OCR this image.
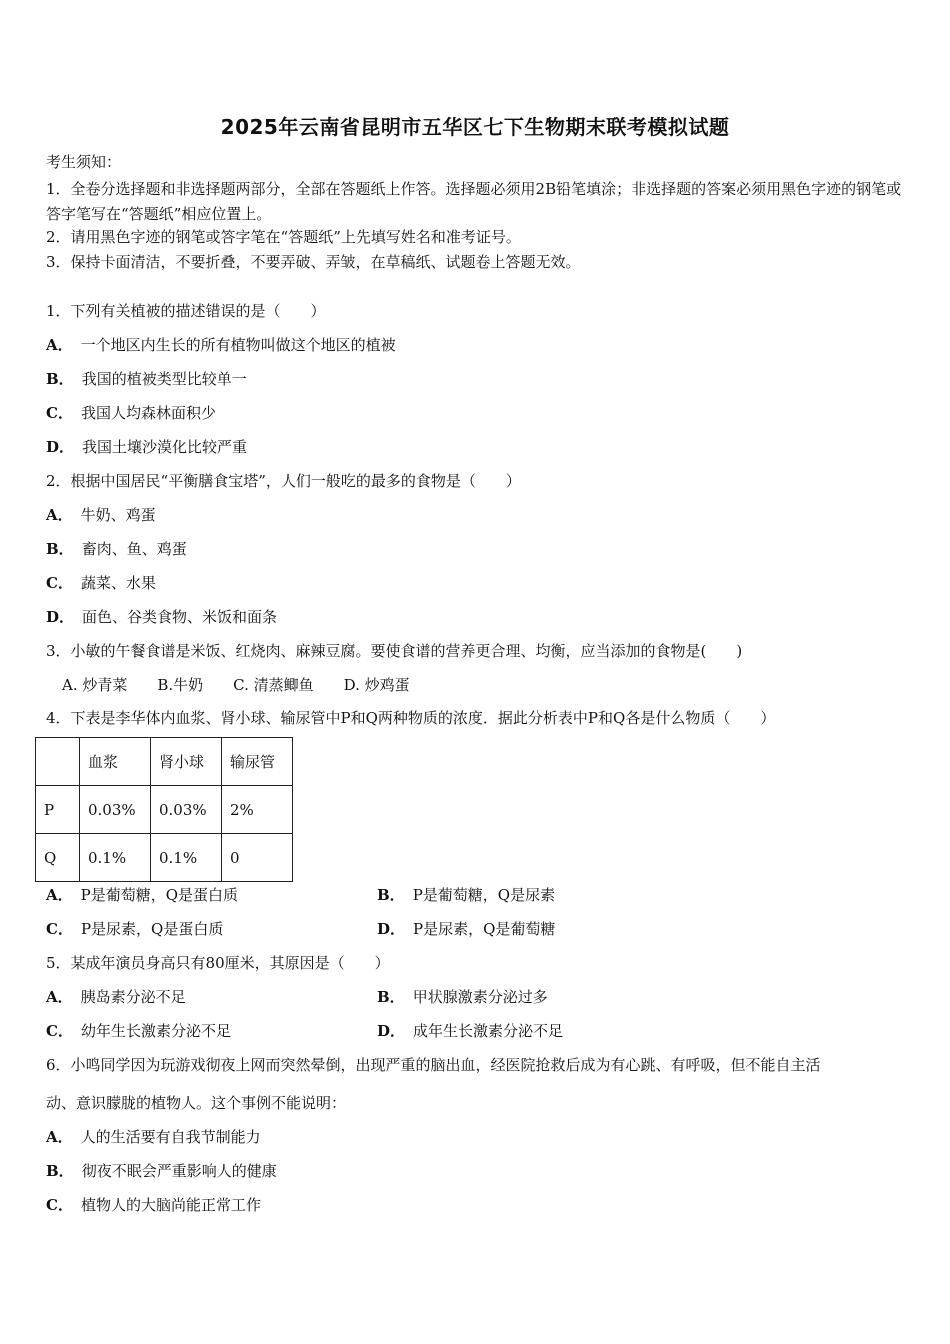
2025年云南省昆明市五华区七下生物期末联考模拟试题
考生须知：
1．全卷分选择题和非选择题两部分，全部在答题纸上作答。选择题必须用2B铅笔填涂；非选择题的答案必须用黑色字迹的钢笔或答字笔写在“答题纸”相应位置上。
2．请用黑色字迹的钢笔或答字笔在“答题纸”上先填写姓名和准考证号。
3．保持卡面清洁，不要折叠，不要弄破、弄皱，在草稿纸、试题卷上答题无效。
1．下列有关植被的描述错误的是（　　）
A． 一个地区内生长的所有植物叫做这个地区的植被
B． 我国的植被类型比较单一
C． 我国人均森林面积少
D． 我国土壤沙漠化比较严重
2．根据中国居民“平衡膳食宝塔”，人们一般吃的最多的食物是（　　）
A． 牛奶、鸡蛋
B． 畜肉、鱼、鸡蛋
C． 蔬菜、水果
D． 面色、谷类食物、米饭和面条
3．小敏的午餐食谱是米饭、红烧肉、麻辣豆腐。要使食谱的营养更合理、均衡，应当添加的食物是(　　)
A. 炒青菜 B.牛奶 C. 清蒸鲫鱼 D. 炒鸡蛋
4．下表是李华体内血浆、肾小球、输尿管中P和Q两种物质的浓度．据此分析表中P和Q各是什么物质（　　）
	血浆	肾小球	输尿管
P	0.03%	0.03%	2%
Q	0.1%	0.1%	0
A． P是葡萄糖，Q是蛋白质	B． P是葡萄糖，Q是尿素
C． P是尿素，Q是蛋白质	D． P是尿素，Q是葡萄糖
5．某成年演员身高只有80厘米，其原因是（　　）
A． 胰岛素分泌不足	B． 甲状腺激素分泌过多
C． 幼年生长激素分泌不足	D． 成年生长激素分泌不足
6．小鸣同学因为玩游戏彻夜上网而突然晕倒，出现严重的脑出血，经医院抢救后成为有心跳、有呼吸，但不能自主活
动、意识朦胧的植物人。这个事例不能说明：
A． 人的生活要有自我节制能力
B． 彻夜不眠会严重影响人的健康
C． 植物人的大脑尚能正常工作
